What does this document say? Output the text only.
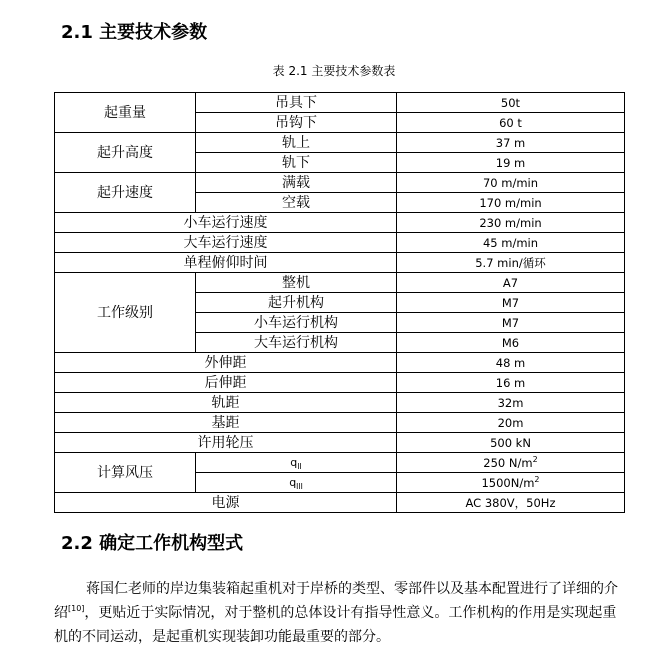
2.1 主要技术参数
表 2.1 主要技术参数表
起重量	吊具下	50t
	吊钩下	60 t
起升高度	轨上	37 m
	轨下	19 m
起升速度	满载	70 m/min
	空载	170 m/min
小车运行速度		230 m/min
大车运行速度		45 m/min
单程俯仰时间		5.7 min/循环
工作级别	整机	A7
	起升机构	M7
	小车运行机构	M7
	大车运行机构	M6
外伸距		48 m
后伸距		16 m
轨距		32m
基距		20m
许用轮压		500 kN
计算风压	$q_{II}$	250 $N/m^2$
	$q_{III}$	$1500N/m^2$
电源		AC 380V，50Hz
2.2 确定工作机构型式
蒋国仁老师的岸边集装箱起重机对于岸桥的类型、零部件以及基本配置进行了详细的介绍[10]，更贴近于实际情况，对于整机的总体设计有指导性意义。工作机构的作用是实现起重机的不同运动，是起重机实现装卸功能最重要的部分。
